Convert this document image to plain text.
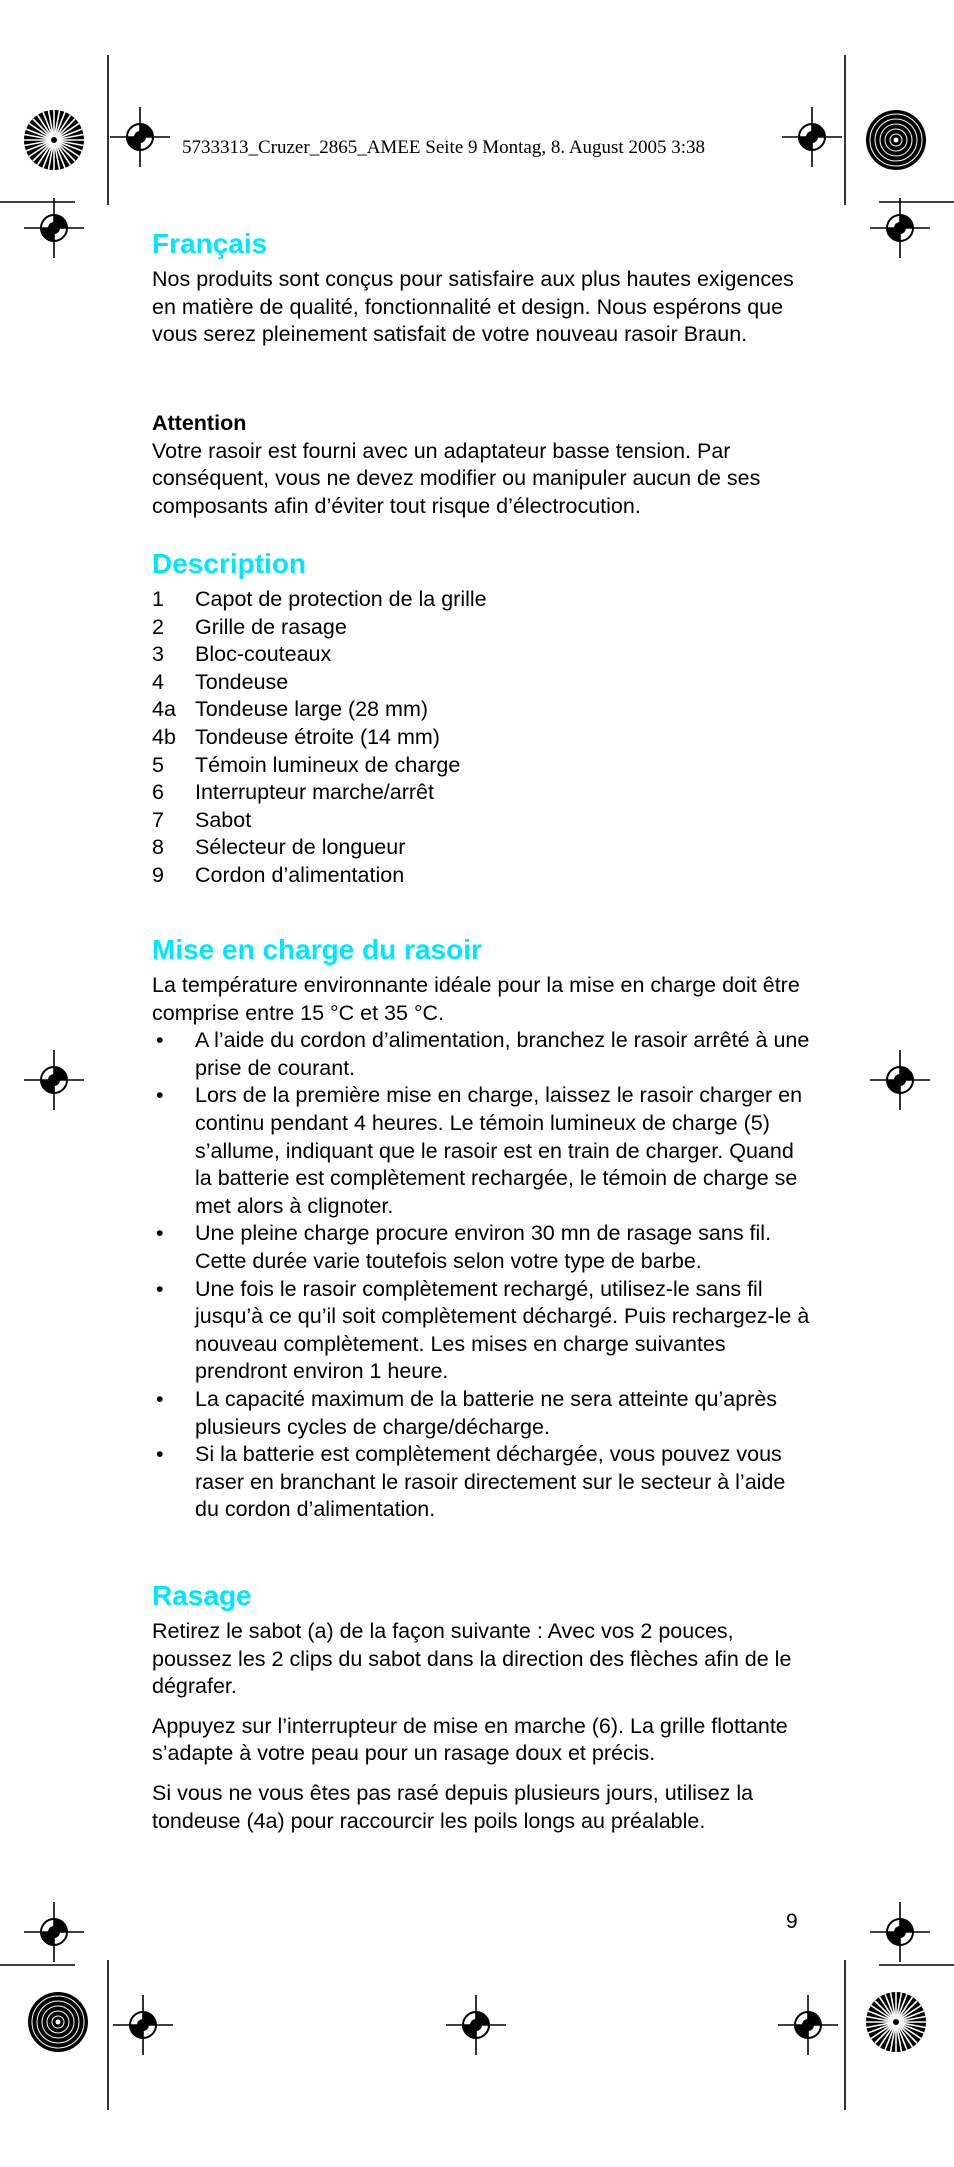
5733313_Cruzer_2865_AMEE Seite 9 Montag, 8. August 2005 3:38
Français

Nos produits sont conçus pour satisfaire aux plus hautes exigences en matière de qualité, fonctionnalité et design. Nous espérons que vous serez pleinement satisfait de votre nouveau rasoir Braun.

Attention

Votre rasoir est fourni avec un adaptateur basse tension. Par conséquent, vous ne devez modifier ou manipuler aucun de ses composants afin d’éviter tout risque d’électrocution.

Description
1 Capot de protection de la grille
2 Grille de rasage
3 Bloc-couteaux
4 Tondeuse
4a Tondeuse large (28 mm)
4b Tondeuse étroite (14 mm)
5 Témoin lumineux de charge
6 Interrupteur marche/arrêt
7 Sabot
8 Sélecteur de longueur
9 Cordon d’alimentation
Mise en charge du rasoir

La température environnante idéale pour la mise en charge doit être comprise entre 15 °C et 35 °C.

• A l’aide du cordon d’alimentation, branchez le rasoir arrêté à une prise de courant.
• Lors de la première mise en charge, laissez le rasoir charger en continu pendant 4 heures. Le témoin lumineux de charge (5) s’allume, indiquant que le rasoir est en train de charger. Quand la batterie est complètement rechargée, le témoin de charge se met alors à clignoter.
• Une pleine charge procure environ 30 mn de rasage sans fil. Cette durée varie toutefois selon votre type de barbe.
• Une fois le rasoir complètement rechargé, utilisez-le sans fil jusqu’à ce qu’il soit complètement déchargé. Puis rechargez-le à nouveau complètement. Les mises en charge suivantes prendront environ 1 heure.
• La capacité maximum de la batterie ne sera atteinte qu’après plusieurs cycles de charge/décharge.
• Si la batterie est complètement déchargée, vous pouvez vous raser en branchant le rasoir directement sur le secteur à l’aide du cordon d’alimentation.
Rasage

Retirez le sabot (a) de la façon suivante : Avec vos 2 pouces, poussez les 2 clips du sabot dans la direction des flèches afin de le dégrafer.

Appuyez sur l’interrupteur de mise en marche (6). La grille flottante s’adapte à votre peau pour un rasage doux et précis.

Si vous ne vous êtes pas rasé depuis plusieurs jours, utilisez la tondeuse (4a) pour raccourcir les poils longs au préalable.

9
